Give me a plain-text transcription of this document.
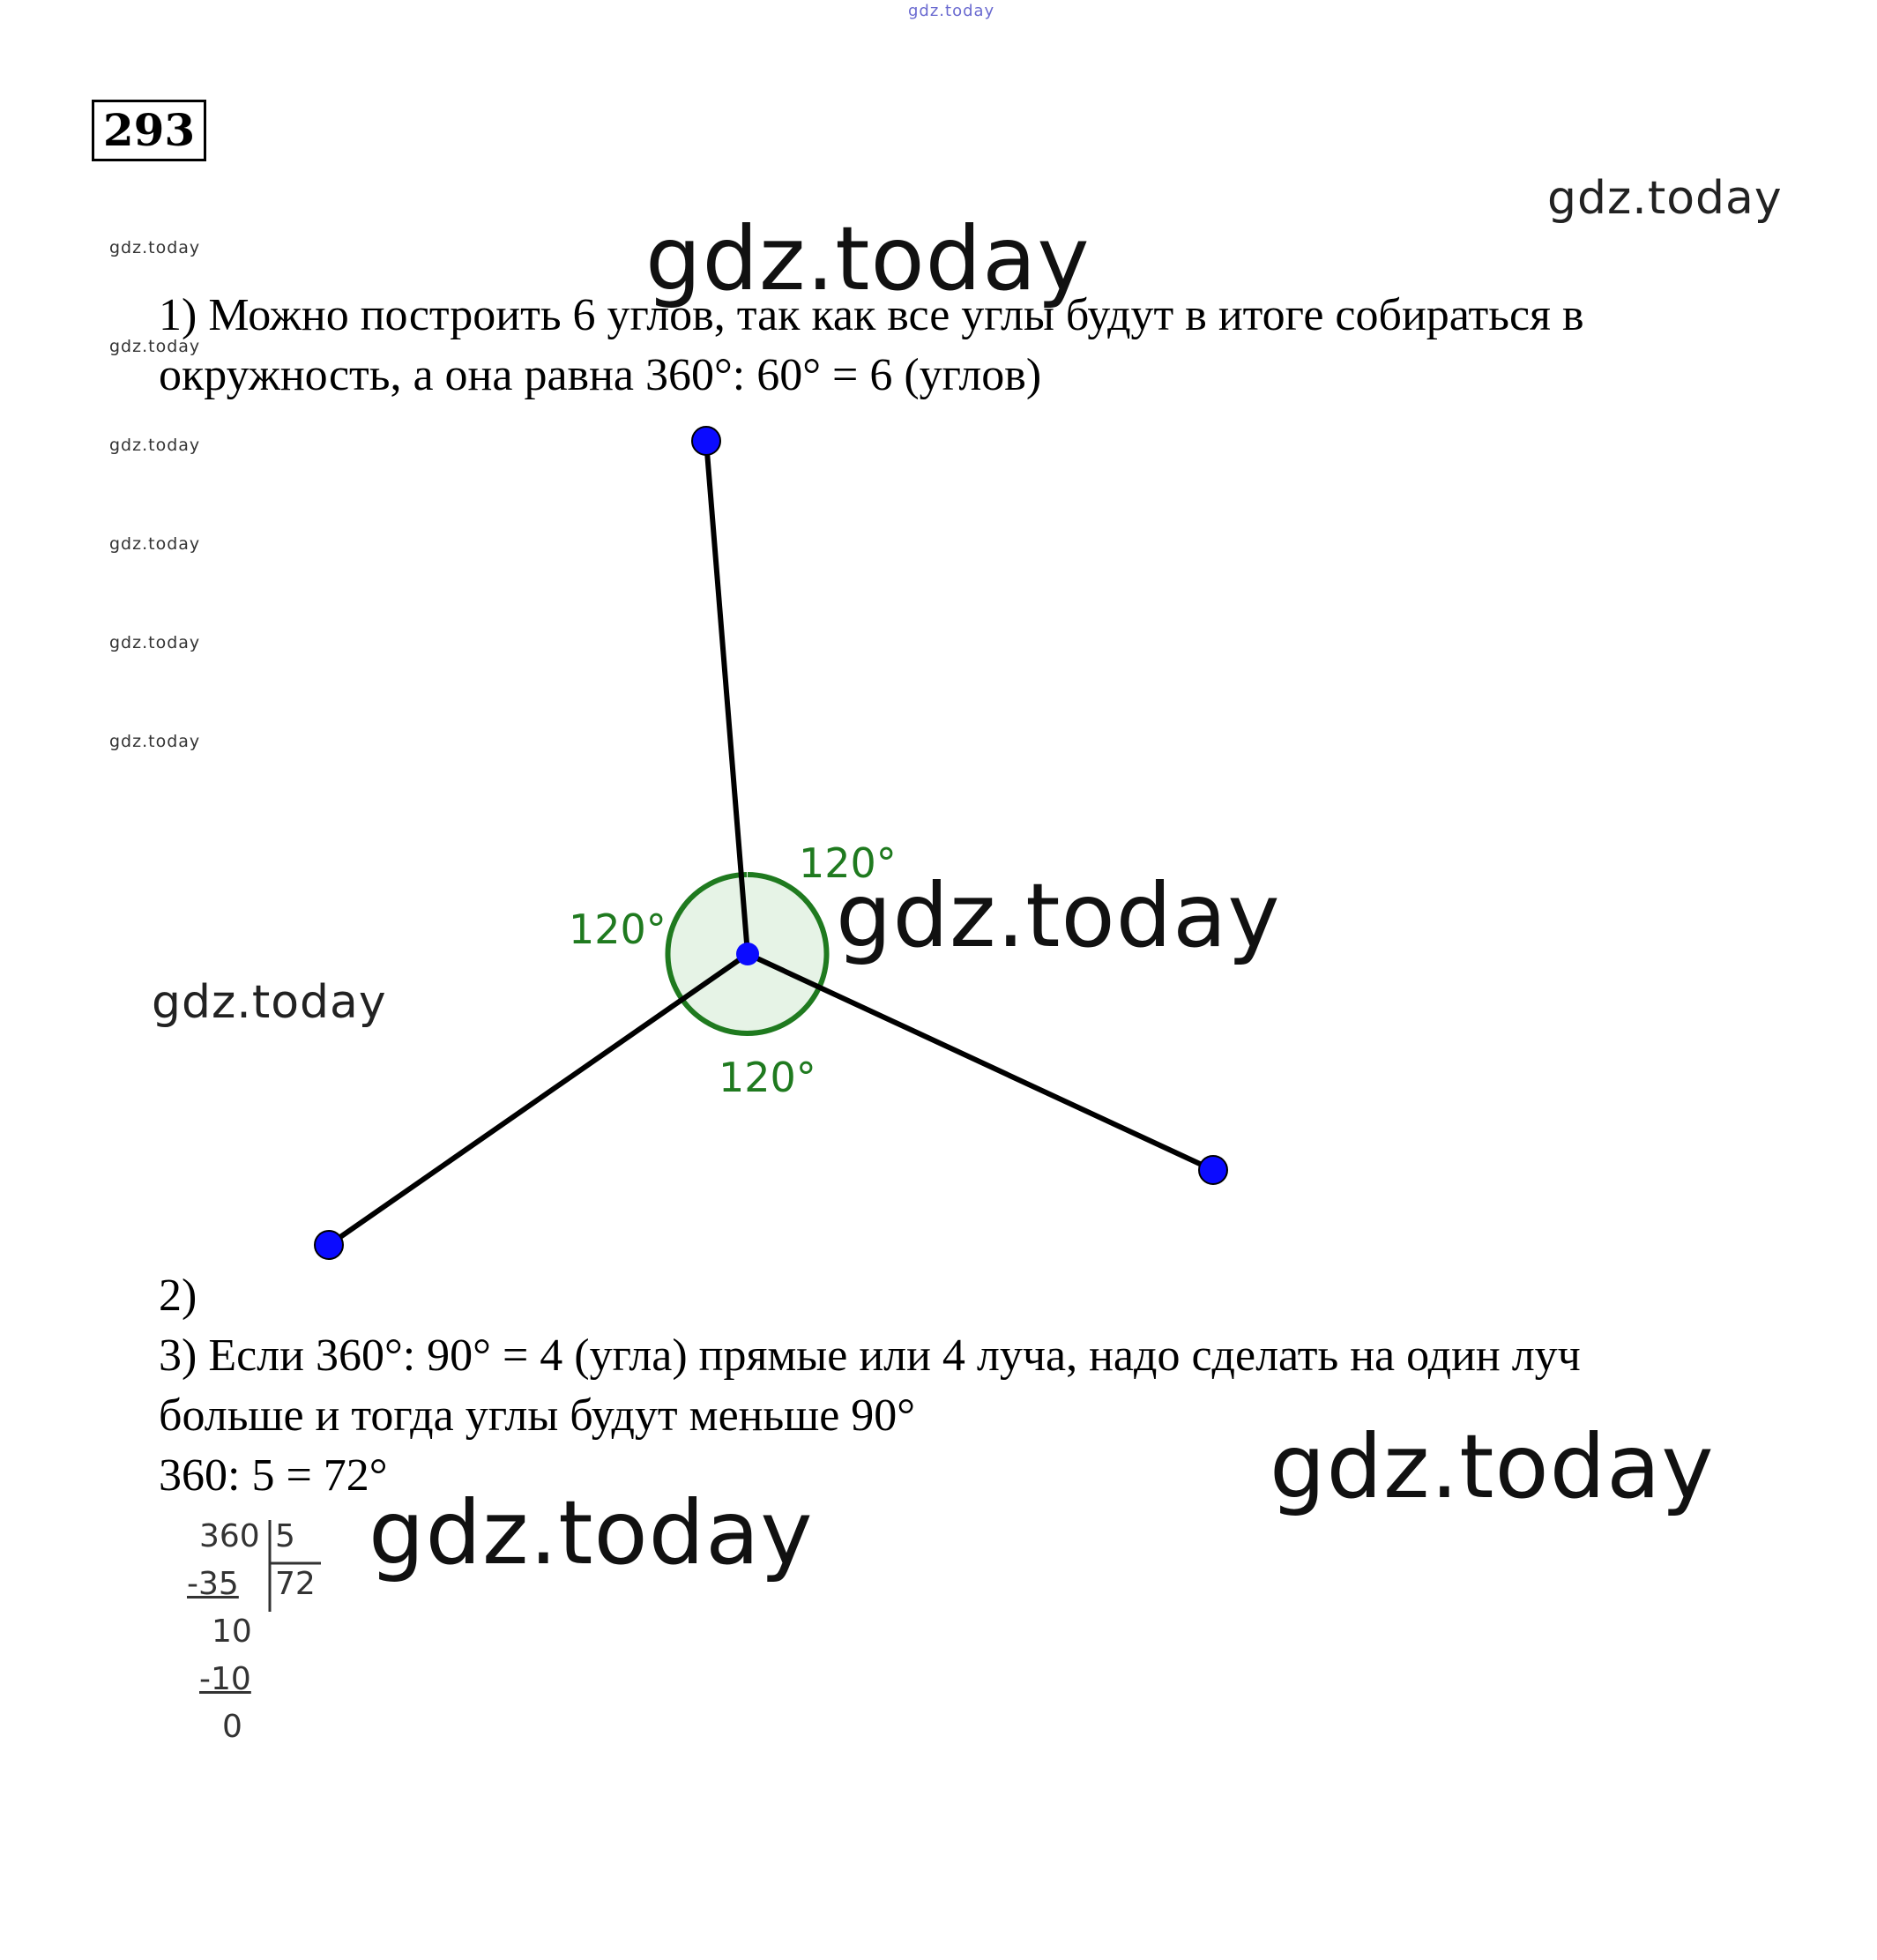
gdz.today
gdz.today
gdz.today
gdz.today
gdz.today
gdz.today
gdz.today
gdz.today
gdz.today
gdz.today
gdz.today
gdz.today
gdz.today
293
1) Можно построить 6 углов, так как все углы будут в итоге собираться в
окружность, а она равна 360°: 60° = 6 (углов)
120°
120°
120°
2)
3) Если 360°: 90° = 4 (угла) прямые или 4 луча, надо сделать на один луч
больше и тогда углы будут меньше 90°
360: 5 = 72°
360 5
72
-35
10
-10
0
